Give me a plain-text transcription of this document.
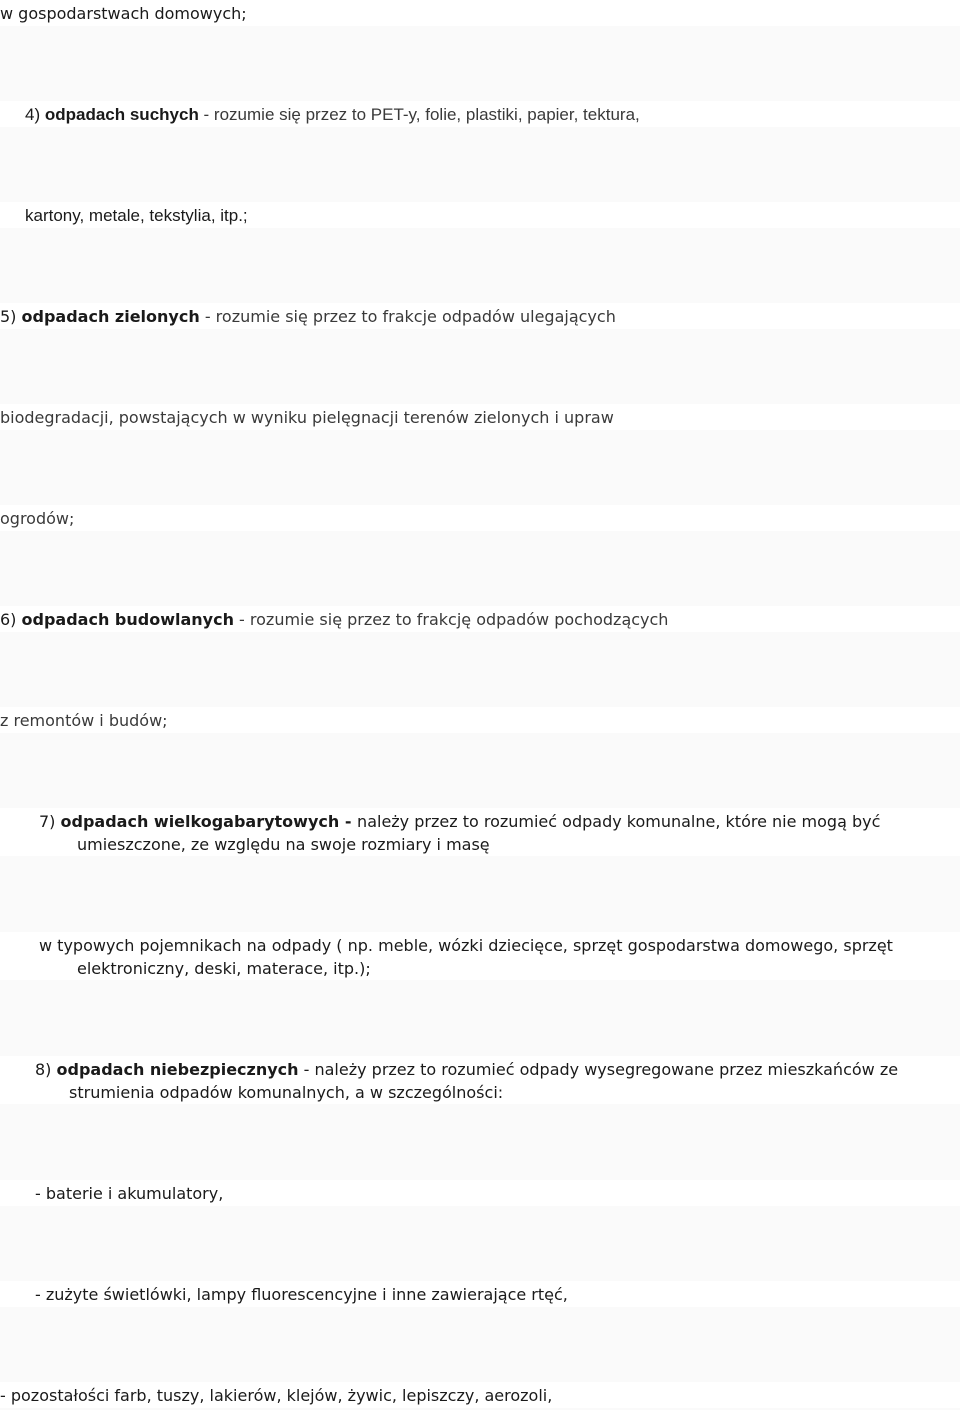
w gospodarstwach domowych;
4) odpadach suchych - rozumie się przez to PET-y, folie, plastiki, papier, tektura,
kartony, metale, tekstylia, itp.;
5) odpadach zielonych - rozumie się przez to frakcje odpadów ulegających
biodegradacji, powstających w wyniku pielęgnacji terenów zielonych i upraw
ogrodów;
6) odpadach budowlanych - rozumie się przez to frakcję odpadów pochodzących
z remontów i budów;
7) odpadach wielkogabarytowych - należy przez to rozumieć odpady komunalne, które nie mogą być
umieszczone, ze względu na swoje rozmiary i masę
w typowych pojemnikach na odpady ( np. meble, wózki dziecięce, sprzęt gospodarstwa domowego, sprzęt
elektroniczny, deski, materace, itp.);
8) odpadach niebezpiecznych - należy przez to rozumieć odpady wysegregowane przez mieszkańców ze
strumienia odpadów komunalnych, a w szczególności:
- baterie i akumulatory,
- zużyte świetlówki, lampy fluorescencyjne i inne zawierające rtęć,
- pozostałości farb, tuszy, lakierów, klejów, żywic, lepiszczy, aerozoli,
